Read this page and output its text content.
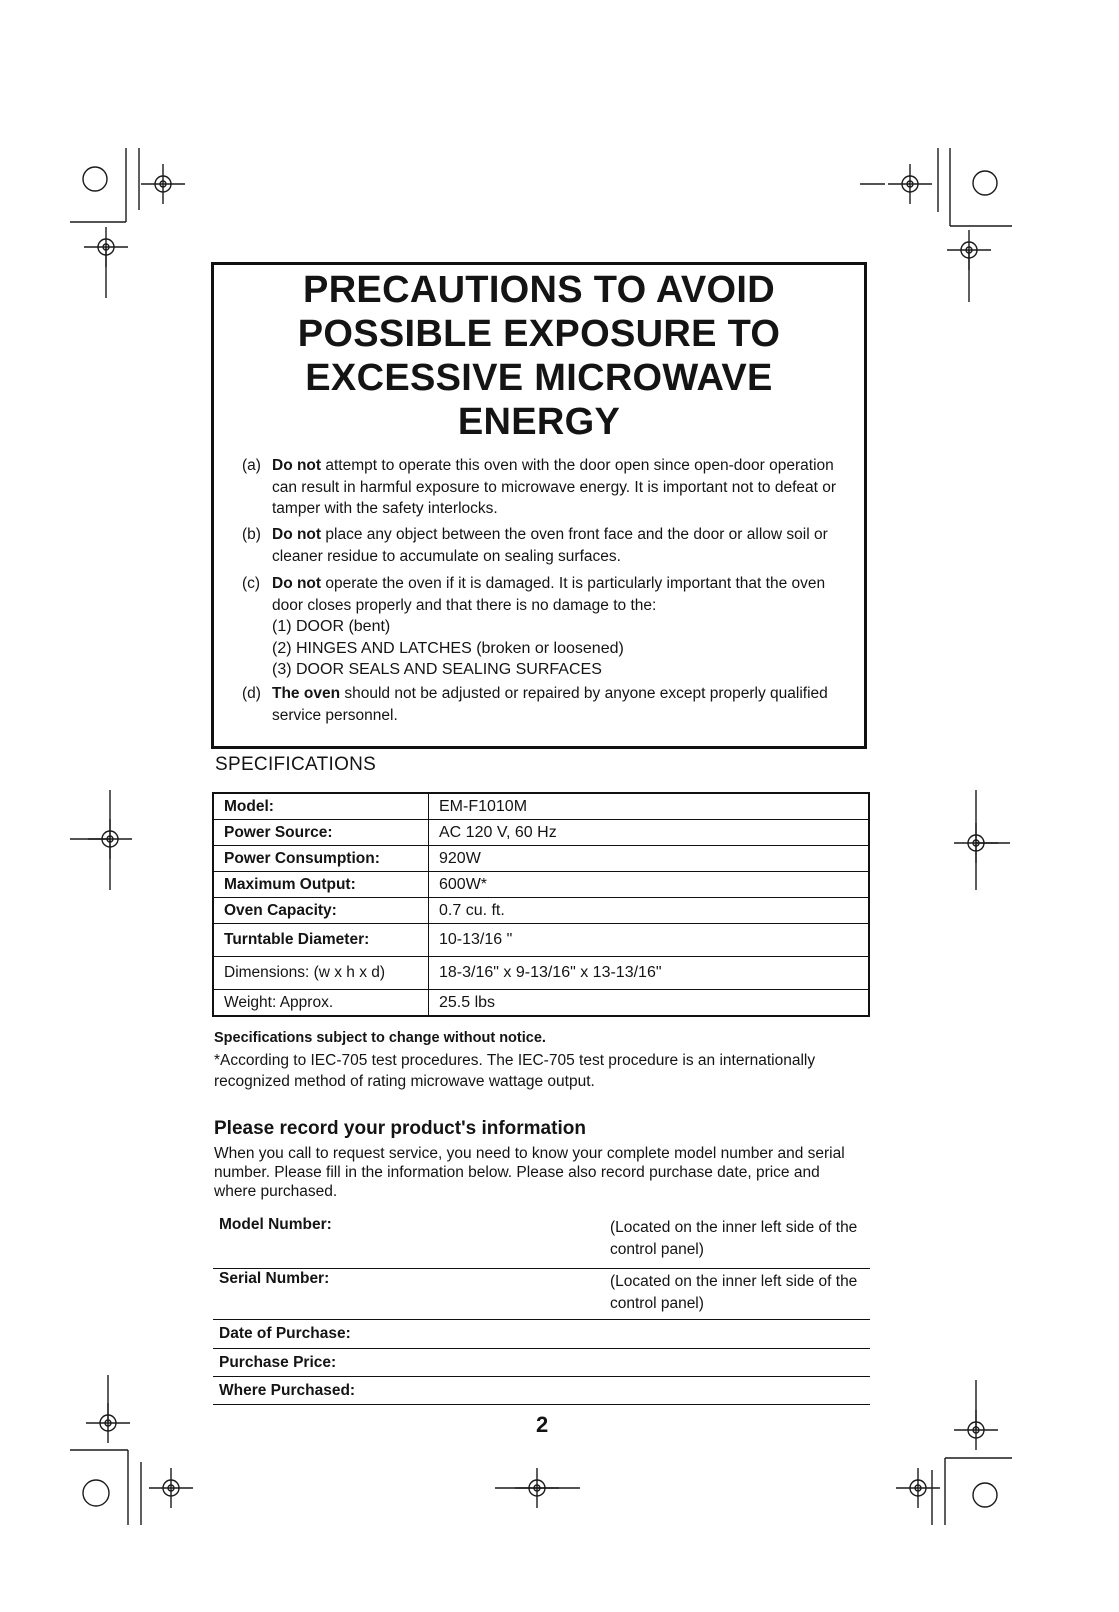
PRECAUTIONS TO AVOID
POSSIBLE EXPOSURE TO
EXCESSIVE MICROWAVE
ENERGY
(a) Do not attempt to operate this oven with the door open since open-door operation can result in harmful exposure to microwave energy. It is important not to defeat or tamper with the safety interlocks.
(b) Do not place any object between the oven front face and the door or allow soil or cleaner residue to accumulate on sealing surfaces.
(c) Do not operate the oven if it is damaged. It is particularly important that the oven door closes properly and that there is no damage to the:
(1) DOOR (bent)
(2) HINGES AND LATCHES (broken or loosened)
(3) DOOR SEALS AND SEALING SURFACES
(d) The oven should not be adjusted or repaired by anyone except properly qualified service personnel.
SPECIFICATIONS
Model:	EM-F1010M
Power Source:	AC 120 V, 60 Hz
Power Consumption:	920W
Maximum Output:	600W*
Oven Capacity:	0.7 cu. ft.
Turntable Diameter:	10-13/16 "
Dimensions: (w x h x d)	18-3/16" x 9-13/16" x 13-13/16"
Weight: Approx.	25.5 lbs
Specifications subject to change without notice.
*According to IEC-705 test procedures. The IEC-705 test procedure is an internationally recognized method of rating microwave wattage output.
Please record your product's information
When you call to request service, you need to know your complete model number and serial number. Please fill in the information below. Please also record purchase date, price and where purchased.
Model Number:	(Located on the inner left side of the control panel)
Serial Number:	(Located on the inner left side of the control panel)
Date of Purchase:
Purchase Price:
Where Purchased:
2
